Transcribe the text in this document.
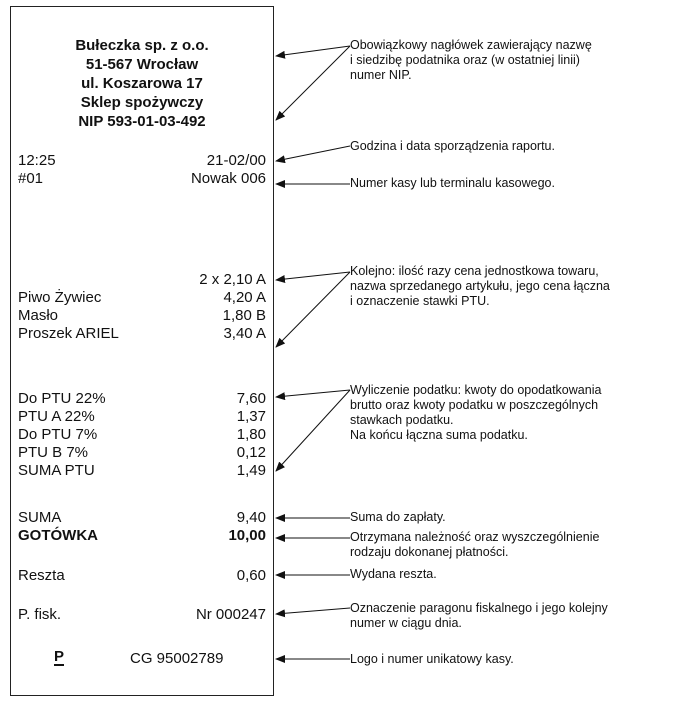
Bułeczka sp. z o.o.
51-567 Wrocław
ul. Koszarowa 17
Sklep spożywczy
NIP 593-01-03-492
12:25	21-02/00
#01	Nowak 006
2 x 2,10 A
Piwo Żywiec	4,20 A
Masło	1,80 B
Proszek ARIEL	3,40 A
Do PTU 22%	7,60
PTU A 22%	1,37
Do PTU 7%	1,80
PTU B 7%	0,12
SUMA PTU	1,49
SUMA	9,40
GOTÓWKA	10,00
Reszta	0,60
P. fisk.	Nr 000247
P	CG 95002789
Obowiązkowy nagłówek zawierający nazwę
i siedzibę podatnika oraz (w ostatniej linii)
numer NIP.
Godzina i data sporządzenia raportu.
Numer kasy lub terminalu kasowego.
Kolejno: ilość razy cena jednostkowa towaru,
nazwa sprzedanego artykułu, jego cena łączna
i oznaczenie stawki PTU.
Wyliczenie podatku: kwoty do opodatkowania
brutto oraz kwoty podatku w poszczególnych
stawkach podatku.
Na końcu łączna suma podatku.
Suma do zapłaty.
Otrzymana należność oraz wyszczególnienie
rodzaju dokonanej płatności.
Wydana reszta.
Oznaczenie paragonu fiskalnego i jego kolejny
numer w ciągu dnia.
Logo i numer unikatowy kasy.
